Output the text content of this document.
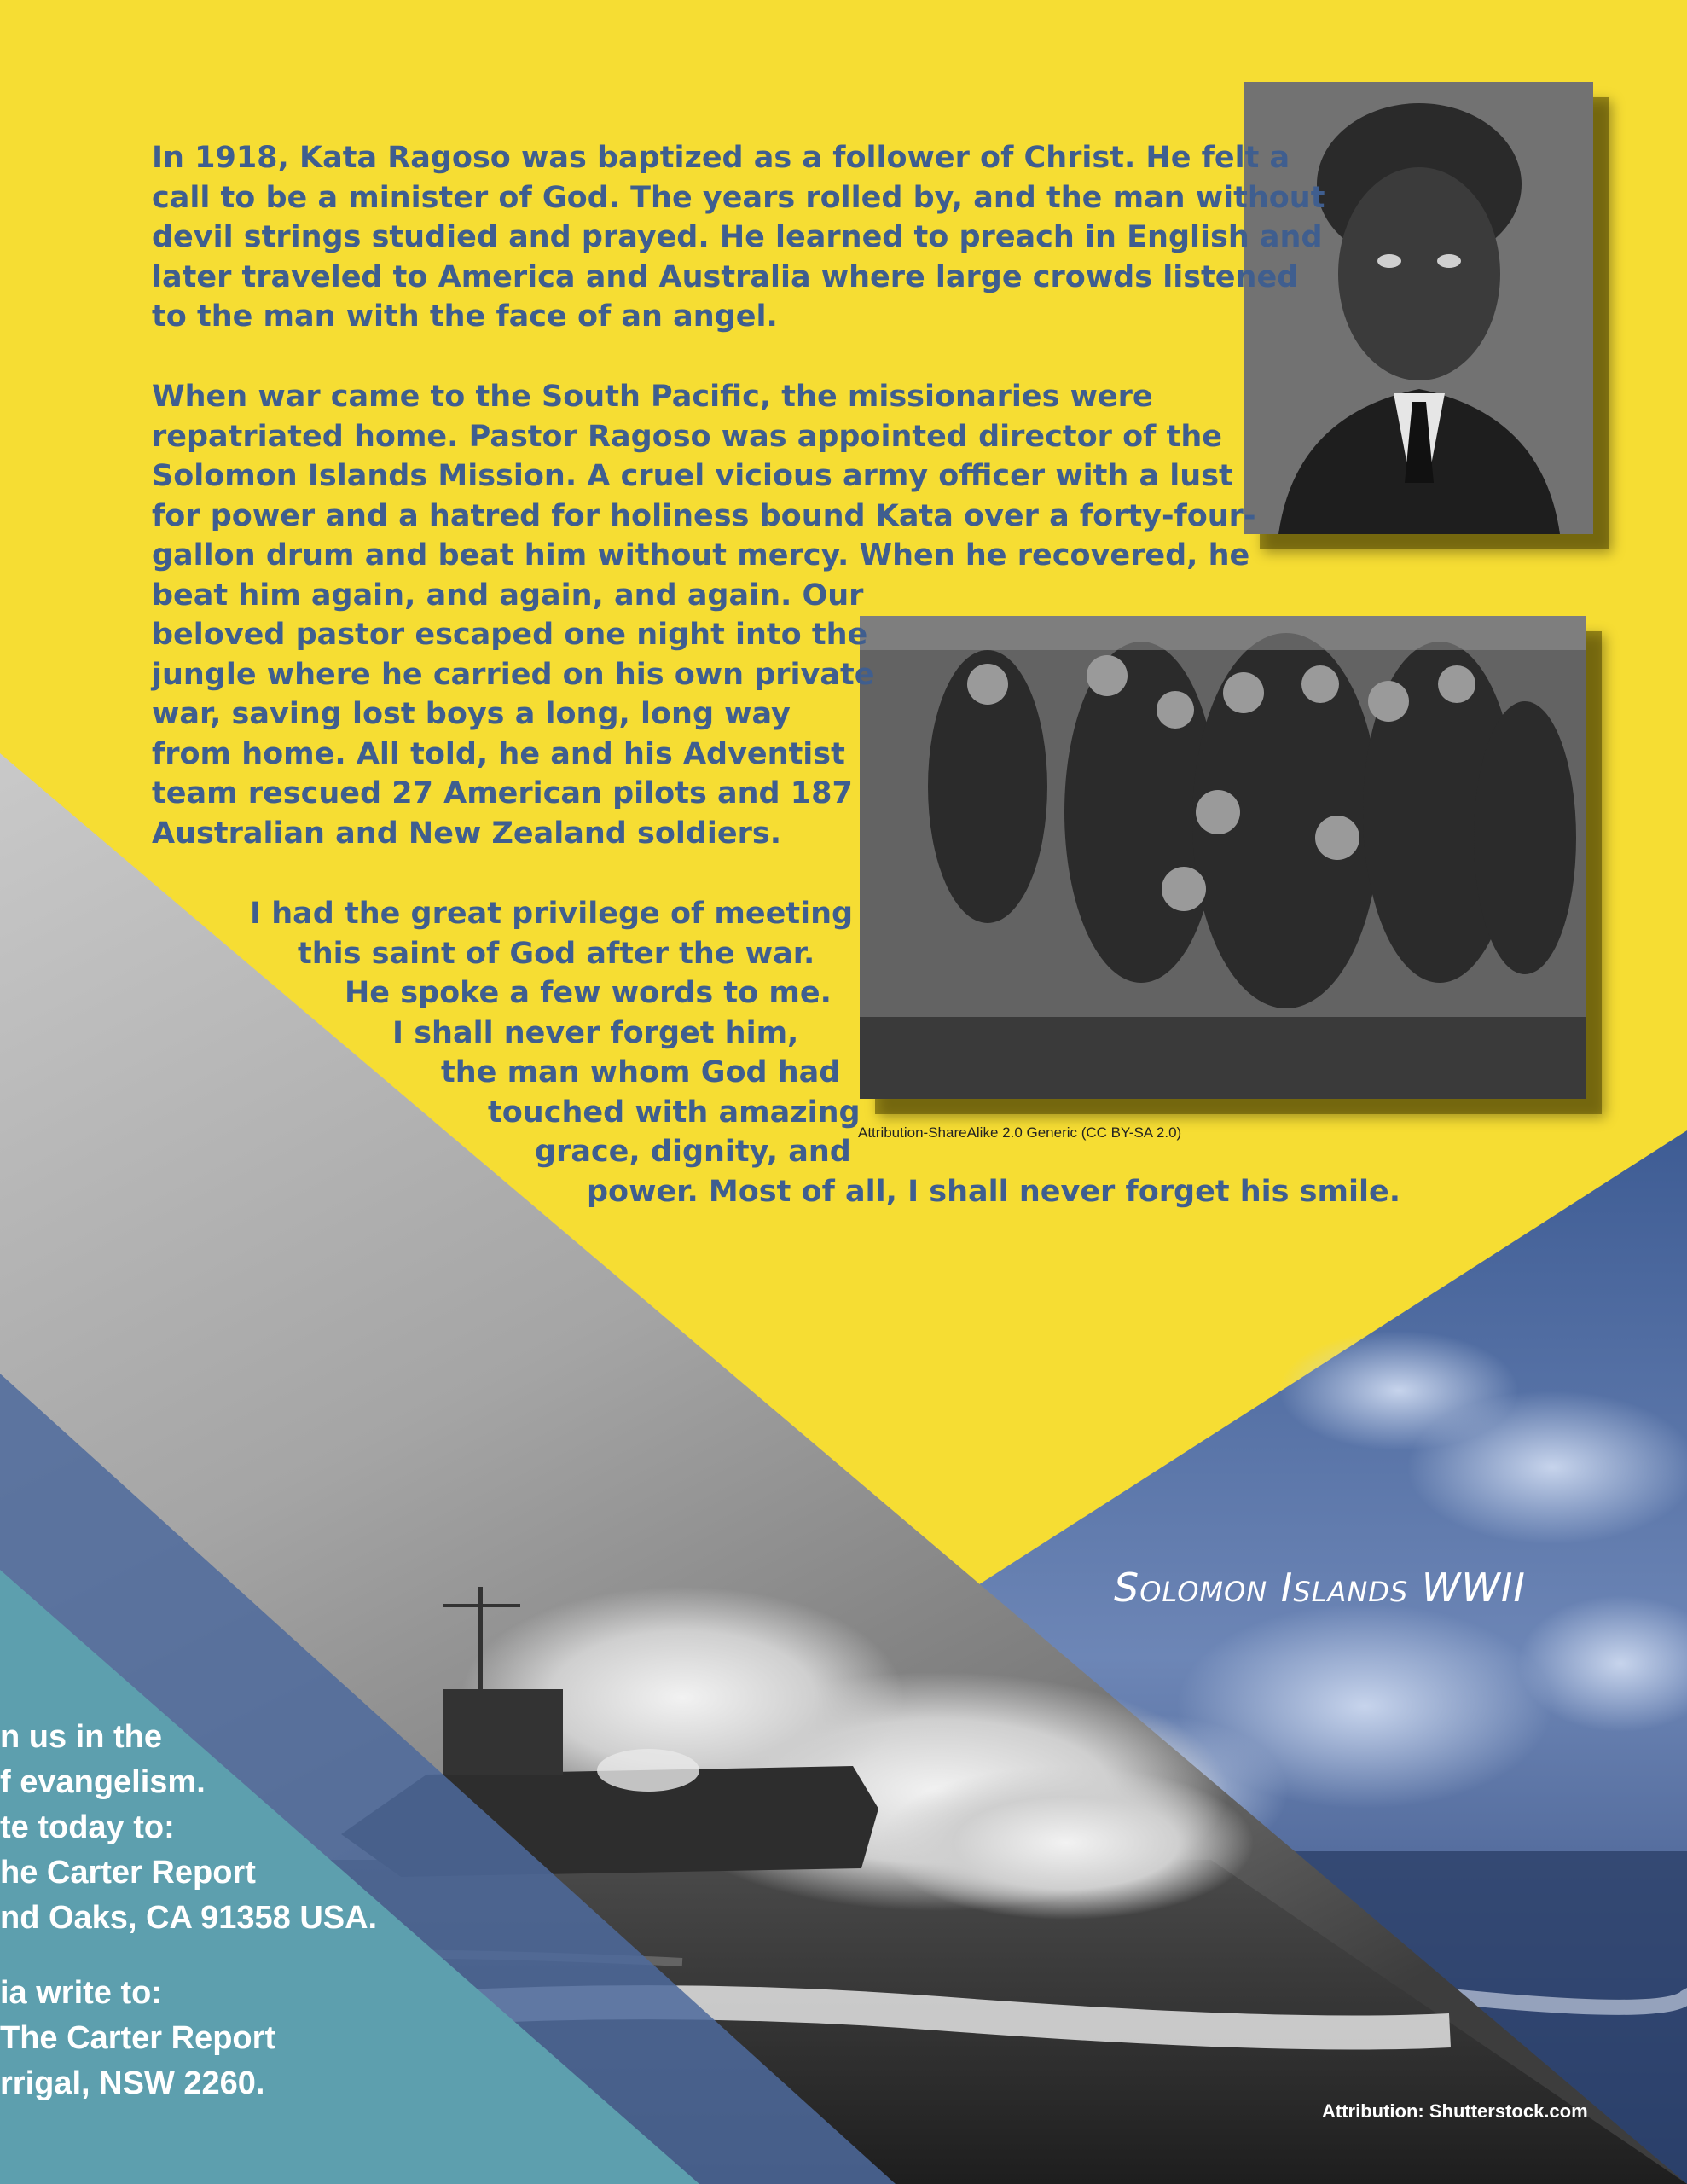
Attribution-ShareAlike 2.0 Generic (CC BY-SA 2.0)

In 1918, Kata Ragoso was baptized as a follower of Christ. He felt a
call to be a minister of God. The years rolled by, and the man without
devil strings studied and prayed. He learned to preach in English and
later traveled to America and Australia where large crowds listened
to the man with the face of an angel.

When war came to the South Pacific, the missionaries were
repatriated home. Pastor Ragoso was appointed director of the
Solomon Islands Mission. A cruel vicious army officer with a lust
for power and a hatred for holiness bound Kata over a forty-four-
gallon drum and beat him without mercy. When he recovered, he
beat him again, and again, and again. Our
beloved pastor escaped one night into the
jungle where he carried on his own private
war, saving lost boys a long, long way
from home. All told, he and his Adventist
team rescued 27 American pilots and 187
Australian and New Zealand soldiers.

I had the great privilege of meeting
this saint of God after the war.
He spoke a few words to me.
I shall never forget him,
the man whom God had
touched with amazing
grace, dignity, and
power. Most of all, I shall never forget his smile.

Solomon Islands WWII
Attribution: Shutterstock.com
n us in the
f evangelism.
te today to:
he Carter Report
nd Oaks, CA 91358 USA.
ia write to:
The Carter Report
rrigal, NSW 2260.
